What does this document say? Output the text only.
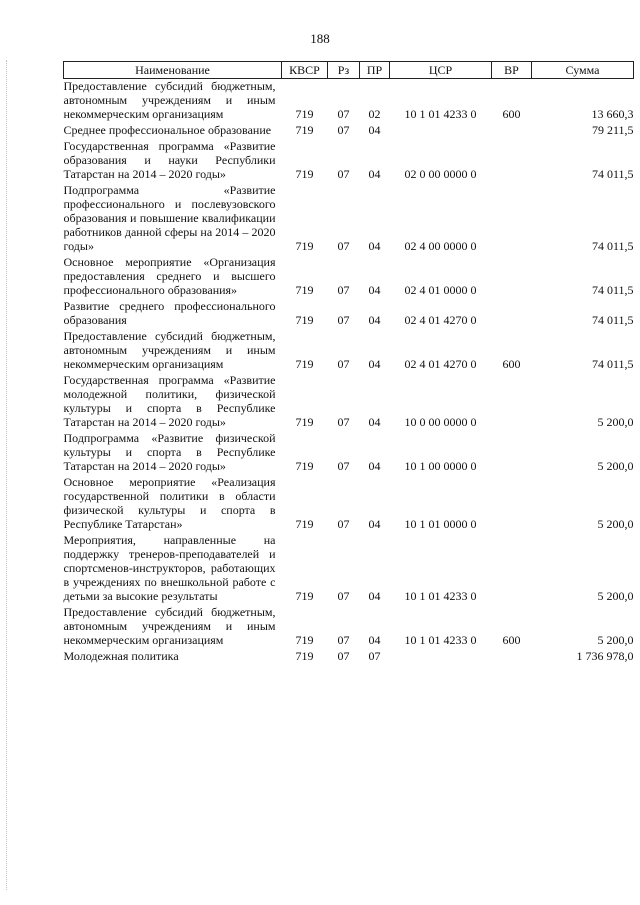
188
Наименование	КВСР	Рз	ПР	ЦСР	ВР	Сумма
Предоставление субсидий бюджетным, автономным учреждениям и иным некоммерческим организациям	719	07	02	10 1 01 4233 0	600	13 660,3
Среднее профессиональное образование	719	07	04			79 211,5
Государственная программа «Развитие образования и науки Республики Татарстан на 2014 – 2020 годы»	719	07	04	02 0 00 0000 0		74 011,5
Подпрограмма «Развитие профессионального и послевузовского образования и повышение квалификации работников данной сферы на 2014 – 2020 годы»	719	07	04	02 4 00 0000 0		74 011,5
Основное мероприятие «Организация предоставления среднего и высшего профессионального образования»	719	07	04	02 4 01 0000 0		74 011,5
Развитие среднего профессионального образования	719	07	04	02 4 01 4270 0		74 011,5
Предоставление субсидий бюджетным, автономным учреждениям и иным некоммерческим организациям	719	07	04	02 4 01 4270 0	600	74 011,5
Государственная программа «Развитие молодежной политики, физической культуры и спорта в Республике Татарстан на 2014 – 2020 годы»	719	07	04	10 0 00 0000 0		5 200,0
Подпрограмма «Развитие физической культуры и спорта в Республике Татарстан на 2014 – 2020 годы»	719	07	04	10 1 00 0000 0		5 200,0
Основное мероприятие «Реализация государственной политики в области физической культуры и спорта в Республике Татарстан»	719	07	04	10 1 01 0000 0		5 200,0
Мероприятия, направленные на поддержку тренеров-преподавателей и спортсменов-инструкторов, работающих в учреждениях по внешкольной работе с детьми за высокие результаты	719	07	04	10 1 01 4233 0		5 200,0
Предоставление субсидий бюджетным, автономным учреждениям и иным некоммерческим организациям	719	07	04	10 1 01 4233 0	600	5 200,0
Молодежная политика	719	07	07			1 736 978,0
